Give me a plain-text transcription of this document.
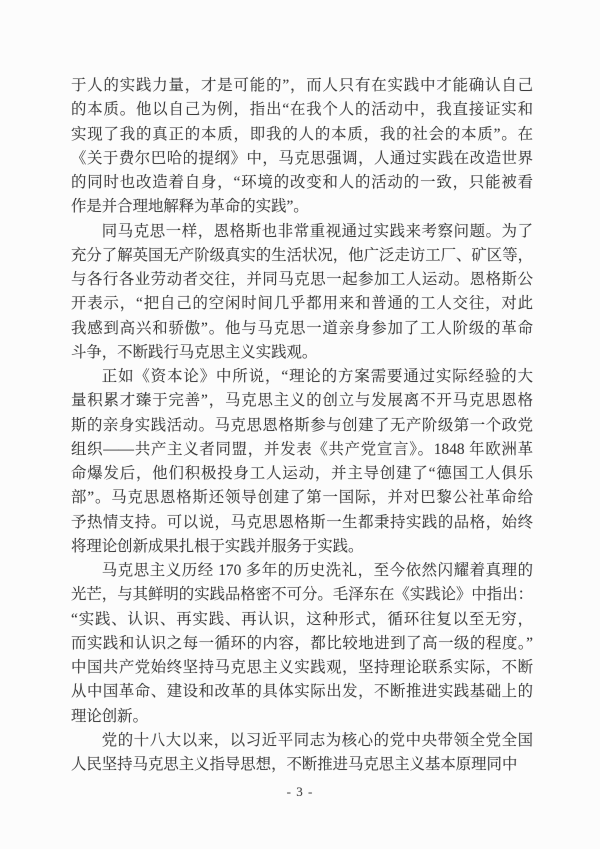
于人的实践力量，才是可能的”，而人只有在实践中才能确认自己
的本质。他以自己为例，指出“在我个人的活动中，我直接证实和
实现了我的真正的本质，即我的人的本质，我的社会的本质”。在
《关于费尔巴哈的提纲》中，马克思强调，人通过实践在改造世界
的同时也改造着自身，“环境的改变和人的活动的一致，只能被看
作是并合理地解释为革命的实践”。
同马克思一样，恩格斯也非常重视通过实践来考察问题。为了
充分了解英国无产阶级真实的生活状况，他广泛走访工厂、矿区等，
与各行各业劳动者交往，并同马克思一起参加工人运动。恩格斯公
开表示，“把自己的空闲时间几乎都用来和普通的工人交往，对此
我感到高兴和骄傲”。他与马克思一道亲身参加了工人阶级的革命
斗争，不断践行马克思主义实践观。
正如《资本论》中所说，“理论的方案需要通过实际经验的大
量积累才臻于完善”，马克思主义的创立与发展离不开马克思恩格
斯的亲身实践活动。马克思恩格斯参与创建了无产阶级第一个政党
组织——共产主义者同盟，并发表《共产党宣言》。1848 年欧洲革
命爆发后，他们积极投身工人运动，并主导创建了“德国工人俱乐
部”。马克思恩格斯还领导创建了第一国际，并对巴黎公社革命给
予热情支持。可以说，马克思恩格斯一生都秉持实践的品格，始终
将理论创新成果扎根于实践并服务于实践。
马克思主义历经 170 多年的历史洗礼，至今依然闪耀着真理的
光芒，与其鲜明的实践品格密不可分。毛泽东在《实践论》中指出：
“实践、认识、再实践、再认识，这种形式，循环往复以至无穷，
而实践和认识之每一循环的内容，都比较地进到了高一级的程度。”
中国共产党始终坚持马克思主义实践观，坚持理论联系实际，不断
从中国革命、建设和改革的具体实际出发，不断推进实践基础上的
理论创新。
党的十八大以来，以习近平同志为核心的党中央带领全党全国
人民坚持马克思主义指导思想，不断推进马克思主义基本原理同中
- 3 -
